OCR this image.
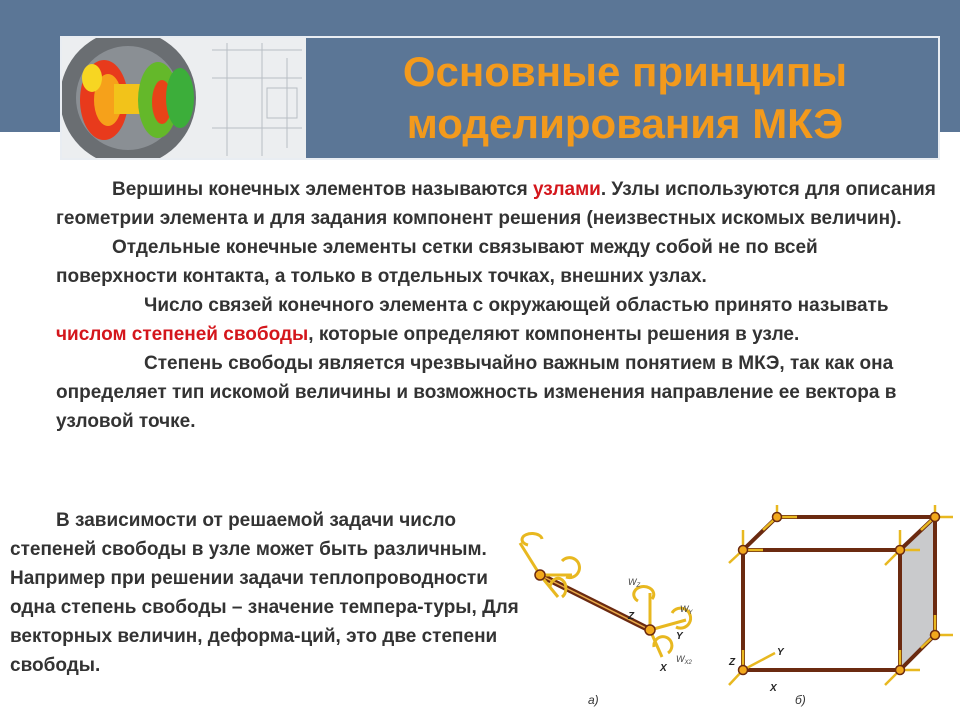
Основные принципы
моделирования МКЭ

Вершины конечных элементов называются узлами. Узлы используются для описания геометрии элемента и для задания компонент решения (неизвестных искомых величин).

Отдельные конечные элементы сетки связывают между собой не по всей поверхности контакта, а только в отдельных точках, внешних узлах.

Число связей конечного элемента с окружающей областью принято называть числом степеней свободы, которые определяют компоненты решения в узле.

Степень свободы является чрезвычайно важным понятием в МКЭ, так как она определяет тип искомой величины и возможность изменения направление ее вектора в узловой точке.

В зависимости от решаемой задачи число степеней свободы в узле может быть различным. Например при решении задачи теплопроводности одна степень свободы – значение темпера-туры, Для векторных величин, деформа-ций, это две степени свободы.

$W_Z$
$W_Y$
$W_{X2}$
Z
Y
X
а)
Z
Y
X
б)
